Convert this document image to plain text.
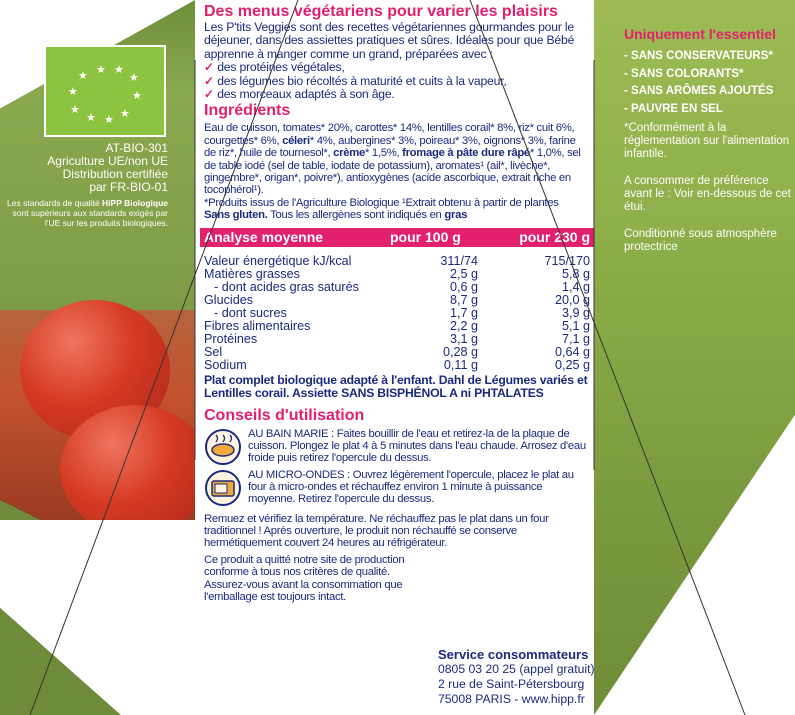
★ ★ ★
★
★	★
★
★ ★ ★
AT-BIO-301
Agriculture UE/non UE
Distribution certifiée
par FR-BIO-01
Les standards de qualité HiPP Biologique sont supérieurs aux standards exigés par l'UE sur les produits biologiques.
Uniquement l'essentiel
- SANS CONSERVATEURS*
- SANS COLORANTS*
- SANS ARÔMES AJOUTÉS
- PAUVRE EN SEL
*Conformément à la réglementation sur l'alimentation infantile.
A consommer de préférence avant le : Voir en-dessous de cet étui.
Conditionné sous atmosphère protectrice
Des menus végétariens pour varier les plaisirs
Les P'tits Veggies sont des recettes végétariennes gourmandes pour le déjeuner, dans des assiettes pratiques et sûres. Idéales pour que Bébé apprenne à manger comme un grand, préparées avec :
✓ des protéines végétales,
✓ des légumes bio récoltés à maturité et cuits à la vapeur,
✓ des morceaux adaptés à son âge.
Ingrédients
Eau de cuisson, tomates* 20%, carottes* 14%, lentilles corail* 8%, riz* cuit 6%, courgettes* 6%, céleri* 4%, aubergines* 3%, poireau* 3%, oignons* 3%, farine de riz*, huile de tournesol*, crème* 1,5%, fromage à pâte dure râpé* 1,0%, sel de table iodé (sel de table, iodate de potassium), aromates¹ (ail*, livèche*, gingembre*, origan*, poivre*), antioxygènes (acide ascorbique, extrait riche en tocophérol¹).
*Produits issus de l'Agriculture Biologique ¹Extrait obtenu à partir de plantes
Sans gluten. Tous les allergènes sont indiqués en gras
Analyse moyenne	pour 100 g	pour 230 g
Valeur énergétique kJ/kcal	311/74	715/170
Matières grasses	2,5 g	5,8 g
- dont acides gras saturés	0,6 g	1,4 g
Glucides	8,7 g	20,0 g
- dont sucres	1,7 g	3,9 g
Fibres alimentaires	2,2 g	5,1 g
Protéines	3,1 g	7,1 g
Sel	0,28 g	0,64 g
Sodium	0,11 g	0,25 g
Plat complet biologique adapté à l'enfant. Dahl de Légumes variés et Lentilles corail. Assiette SANS BISPHÉNOL A ni PHTALATES
Conseils d'utilisation
AU BAIN MARIE : Faites bouillir de l'eau et retirez-la de la plaque de cuisson. Plongez le plat 4 à 5 minutes dans l'eau chaude. Arrosez d'eau froide puis retirez l'opercule du dessus.
AU MICRO-ONDES : Ouvrez légèrement l'opercule, placez le plat au four à micro-ondes et réchauffez environ 1 minute à puissance moyenne. Retirez l'opercule du dessus.
Remuez et vérifiez la température. Ne réchauffez pas le plat dans un four traditionnel ! Après ouverture, le produit non réchauffé se conserve hermétiquement couvert 24 heures au réfrigérateur.
Ce produit a quitté notre site de production conforme à tous nos critères de qualité. Assurez-vous avant la consommation que l'emballage est toujours intact.
Service consommateurs
0805 03 20 25 (appel gratuit)
2 rue de Saint-Pétersbourg
75008 PARIS - www.hipp.fr
